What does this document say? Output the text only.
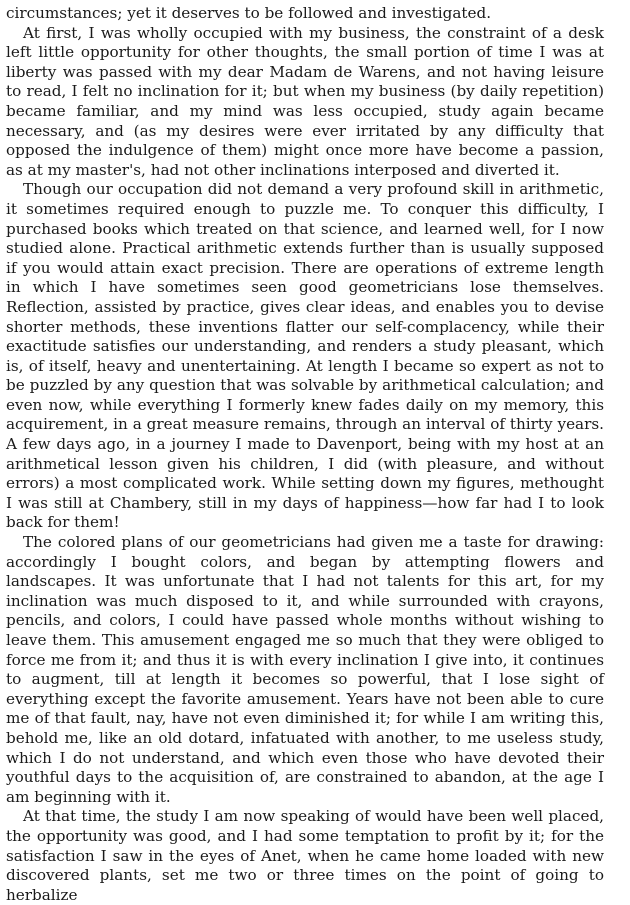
circumstances; yet it deserves to be followed and investigated.

At first, I was wholly occupied with my business, the constraint of a desk left little opportunity for other thoughts, the small portion of time I was at liberty was passed with my dear Madam de Warens, and not having leisure to read, I felt no inclination for it; but when my business (by daily repetition) became familiar, and my mind was less occupied, study again became necessary, and (as my desires were ever irritated by any difficulty that opposed the indulgence of them) might once more have become a passion, as at my master's, had not other inclinations interposed and diverted it.

Though our occupation did not demand a very profound skill in arithmetic, it sometimes required enough to puzzle me. To conquer this difficulty, I purchased books which treated on that science, and learned well, for I now studied alone. Practical arithmetic extends further than is usually supposed if you would attain exact precision. There are operations of extreme length in which I have sometimes seen good geometricians lose themselves. Reflection, assisted by practice, gives clear ideas, and enables you to devise shorter methods, these inventions flatter our self-complacency, while their exactitude satisfies our understanding, and renders a study pleasant, which is, of itself, heavy and unentertaining. At length I became so expert as not to be puzzled by any question that was solvable by arithmetical calculation; and even now, while everything I formerly knew fades daily on my memory, this acquirement, in a great measure remains, through an interval of thirty years. A few days ago, in a journey I made to Davenport, being with my host at an arithmetical lesson given his children, I did (with pleasure, and without errors) a most complicated work. While setting down my figures, methought I was still at Chambery, still in my days of happiness—how far had I to look back for them!

The colored plans of our geometricians had given me a taste for drawing: accordingly I bought colors, and began by attempting flowers and landscapes. It was unfortunate that I had not talents for this art, for my inclination was much disposed to it, and while surrounded with crayons, pencils, and colors, I could have passed whole months without wishing to leave them. This amusement engaged me so much that they were obliged to force me from it; and thus it is with every inclination I give into, it continues to augment, till at length it becomes so powerful, that I lose sight of everything except the favorite amusement. Years have not been able to cure me of that fault, nay, have not even diminished it; for while I am writing this, behold me, like an old dotard, infatuated with another, to me useless study, which I do not understand, and which even those who have devoted their youthful days to the acquisition of, are constrained to abandon, at the age I am beginning with it.

At that time, the study I am now speaking of would have been well placed, the opportunity was good, and I had some temptation to profit by it; for the satisfaction I saw in the eyes of Anet, when he came home loaded with new discovered plants, set me two or three times on the point of going to herbalize
